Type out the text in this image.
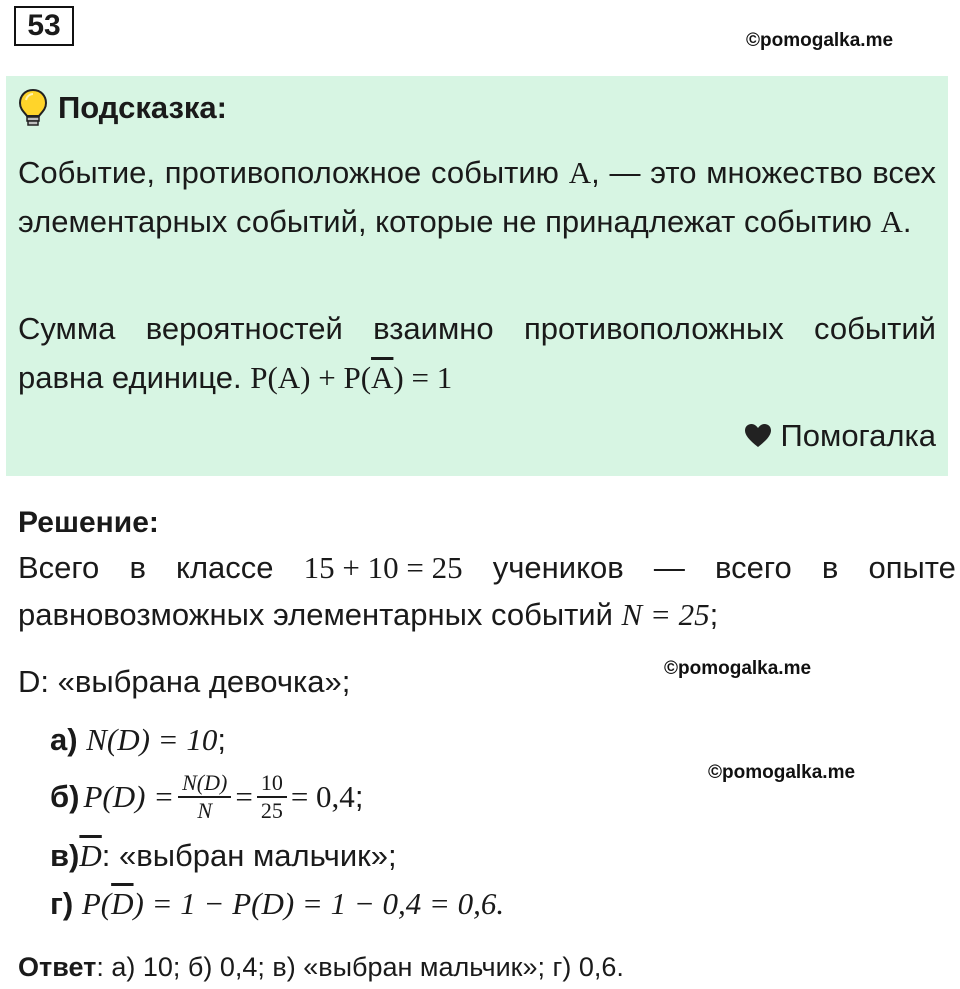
53	©pomogalka.me
Подсказка:
Событие, противоположное событию A, — это множество всех элементарных событий, которые не принадлежат событию A.
Сумма вероятностей взаимно противоположных событий равна единице. $P(A) + P(\overline{A}) = 1$
Помогалка
Решение:
Всего в классе 15 + 10 = 25 учеников — всего в опыте
равновозможных элементарных событий N = 25;
D: «выбрана девочка»;	©pomogalka.me
а) N(D) = 10;
©pomogalka.me
б) $P(D) = \frac{N(D)}{N} = \frac{10}{25} = 0,4$ ;
$в)\overline{D}$: «выбран мальчик»;
г) $P(\overline{D}) = 1 - P(D) = 1 - 0,4 = 0,6$.
Ответ: а) 10; б) 0,4; в) «выбран мальчик»; г) 0,6.
